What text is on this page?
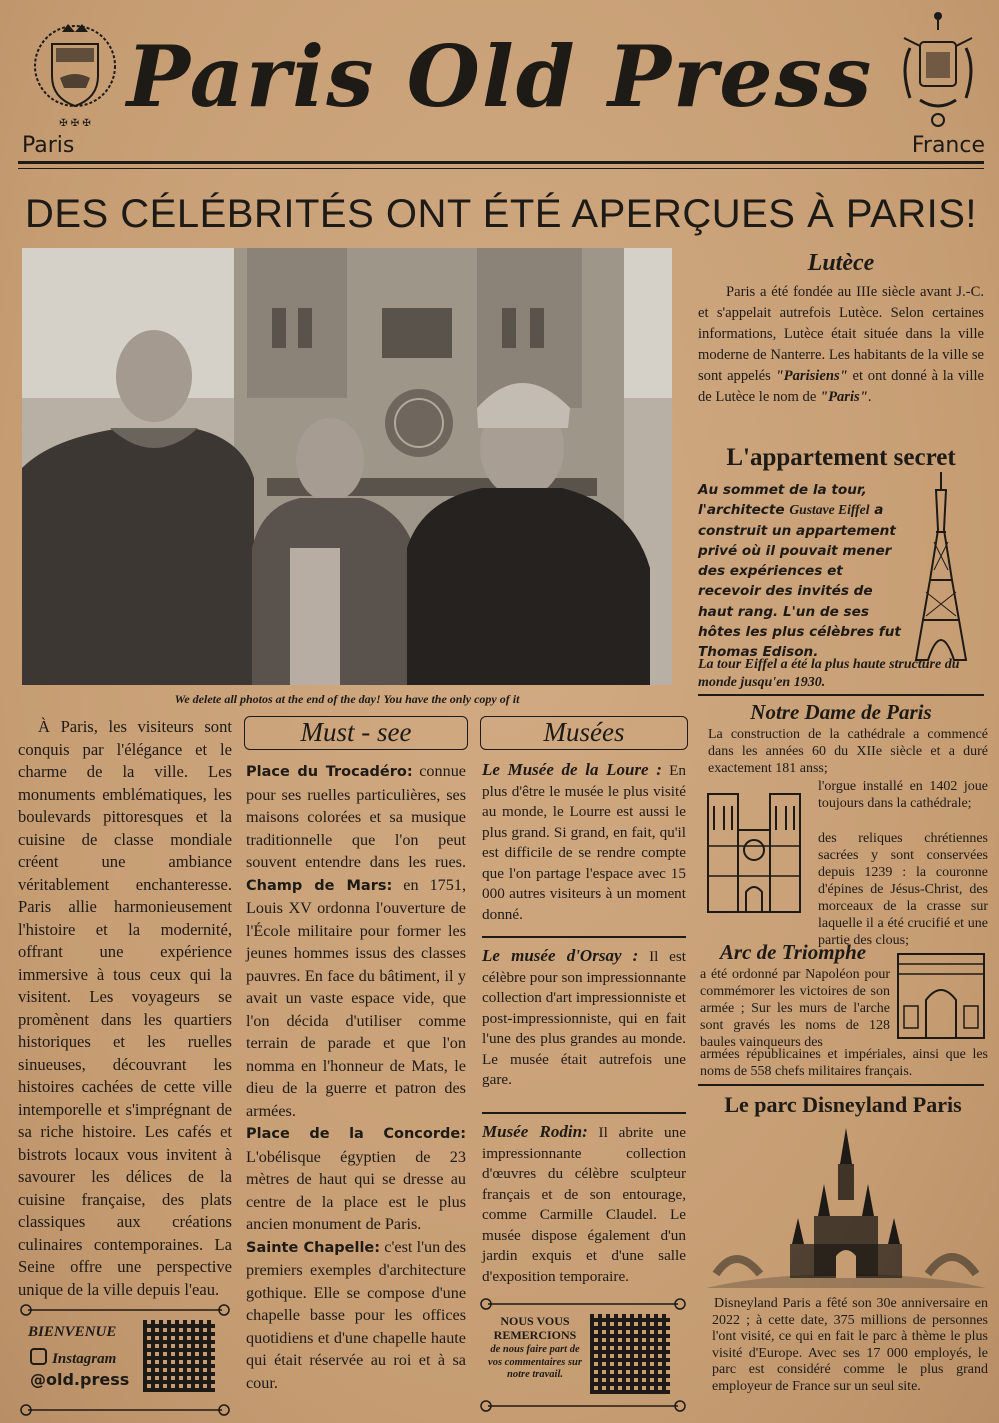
✠ ✠ ✠
Paris
Paris Old Press
France
DES CÉLÉBRITÉS ONT ÉTÉ APERÇUES À PARIS!
We delete all photos at the end of the day! You have the only copy of it
À Paris, les visiteurs sont conquis par l'élégance et le charme de la ville. Les monuments emblématiques, les boulevards pittoresques et la cuisine de classe mondiale créent une ambiance véritablement enchanteresse. Paris allie harmonieusement l'histoire et la modernité, offrant une expérience immersive à tous ceux qui la visitent. Les voyageurs se promènent dans les quartiers historiques et les ruelles sinueuses, découvrant les histoires cachées de cette ville intemporelle et s'imprégnant de sa riche histoire. Les cafés et bistrots locaux vous invitent à savourer les délices de la cuisine française, des plats classiques aux créations culinaires contemporaines. La Seine offre une perspective unique de la ville depuis l'eau.
BIENVENUE
Instagram
@old.press
Must - see
Place du Trocadéro: connue pour ses ruelles particulières, ses maisons colorées et sa musique traditionnelle que l'on peut souvent entendre dans les rues. Champ de Mars: en 1751, Louis XV ordonna l'ouverture de l'École militaire pour former les jeunes hommes issus des classes pauvres. En face du bâtiment, il y avait un vaste espace vide, que l'on décida d'utiliser comme terrain de parade et que l'on nomma en l'honneur de Mats, le dieu de la guerre et patron des armées.
Place de la Concorde: L'obélisque égyptien de 23 mètres de haut qui se dresse au centre de la place est le plus ancien monument de Paris.
Sainte Chapelle: c'est l'un des premiers exemples d'architecture gothique. Elle se compose d'une chapelle basse pour les offices quotidiens et d'une chapelle haute qui était réservée au roi et à sa cour.
Musées
Le Musée de la Loure : En plus d'être le musée le plus visité au monde, le Lourre est aussi le plus grand. Si grand, en fait, qu'il est difficile de se rendre compte que l'on partage l'espace avec 15 000 autres visiteurs à un moment donné.
Le musée d'Orsay : Il est célèbre pour son impressionnante collection d'art impressionniste et post-impressionniste, qui en fait l'une des plus grandes au monde. Le musée était autrefois une gare.
Musée Rodin: Il abrite une impressionnante collection d'œuvres du célèbre sculpteur français et de son entourage, comme Carmille Claudel. Le musée dispose également d'un jardin exquis et d'une salle d'exposition temporaire.
NOUS VOUS REMERCIONS
de nous faire part de vos commentaires sur notre travail.
Lutèce
Paris a été fondée au IIIe siècle avant J.-C. et s'appelait autrefois Lutèce. Selon certaines informations, Lutèce était située dans la ville moderne de Nanterre. Les habitants de la ville se sont appelés "Parisiens" et ont donné à la ville de Lutèce le nom de "Paris".
L'appartement secret
Au sommet de la tour, l'architecte Gustave Eiffel a construit un appartement privé où il pouvait mener des expériences et recevoir des invités de haut rang. L'un de ses hôtes les plus célèbres fut Thomas Edison.
La tour Eiffel a été la plus haute structure du monde jusqu'en 1930.
Notre Dame de Paris
La construction de la cathédrale a commencé dans les années 60 du XIIe siècle et a duré exactement 181 anss;
l'orgue installé en 1402 joue toujours dans la cathédrale;
des reliques chrétiennes sacrées y sont conservées depuis 1239 : la couronne d'épines de Jésus-Christ, des morceaux de la crasse sur laquelle il a été crucifié et une partie des clous;
Arc de Triomphe
a été ordonné par Napoléon pour commémorer les victoires de son armée ; Sur les murs de l'arche sont gravés les noms de 128 baules vainqueurs des
armées républicaines et impériales, ainsi que les noms de 558 chefs militaires français.
Le parc Disneyland Paris
Disneyland Paris a fêté son 30e anniversaire en 2022 ; à cette date, 375 millions de personnes l'ont visité, ce qui en fait le parc à thème le plus visité d'Europe. Avec ses 17 000 employés, le parc est considéré comme le plus grand employeur de France sur un seul site.
